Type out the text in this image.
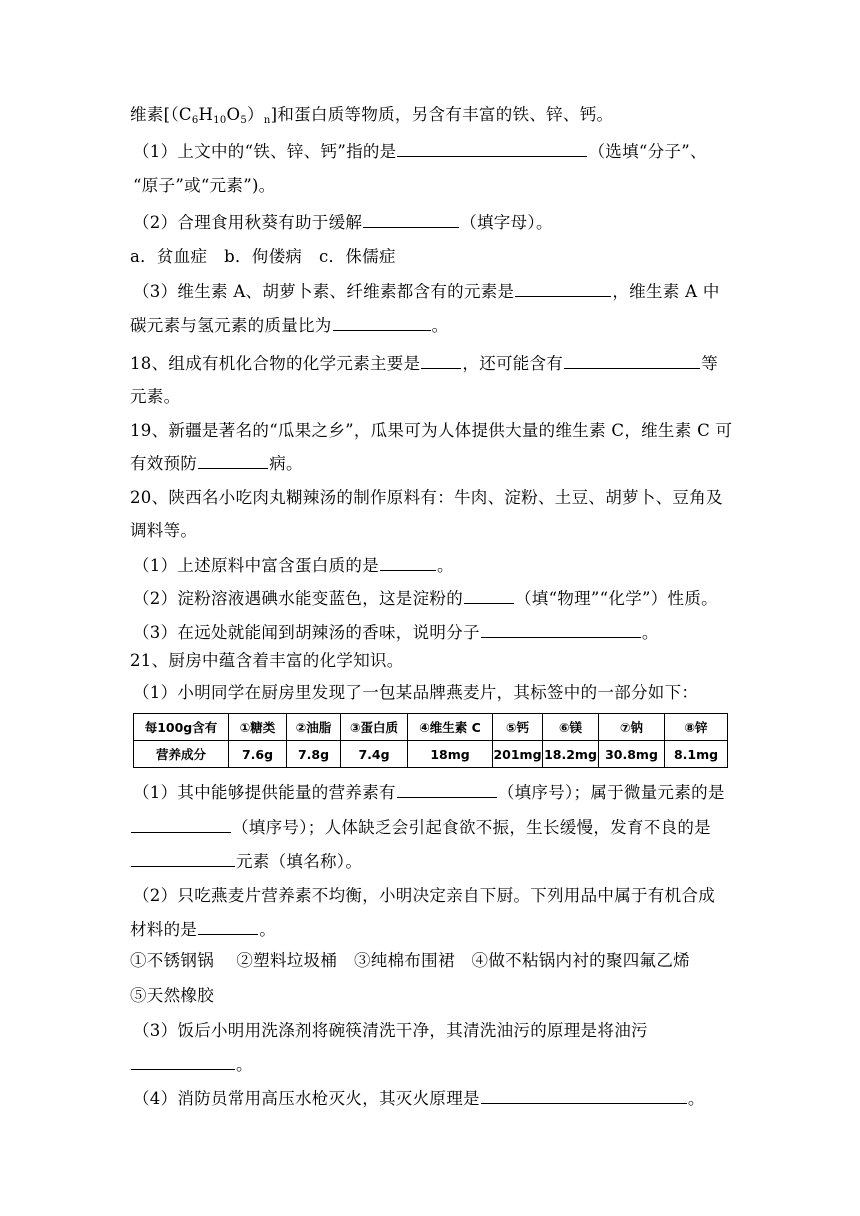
维素$[(C_6H_{10}O_5)_n]$和蛋白质等物质，另含有丰富的铁、锌、钙。
（1）上文中的“铁、锌、钙”指的是	（选填“分子”、
“原子”或“元素”)。
（2）合理食用秋葵有助于缓解	（填字母）。
a．贫血症　b．佝偻病　c．侏儒症
（3）维生素 A、胡萝卜素、纤维素都含有的元素是	，维生素 A 中
碳元素与氢元素的质量比为	。
18、组成有机化合物的化学元素主要是	，还可能含有	等
元素。
19、新疆是著名的“瓜果之乡”，瓜果可为人体提供大量的维生素 C，维生素 C 可
有效预防	病。
20、陕西名小吃肉丸糊辣汤的制作原料有：牛肉、淀粉、土豆、胡萝卜、豆角及
调料等。
（1）上述原料中富含蛋白质的是	。
（2）淀粉溶液遇碘水能变蓝色，这是淀粉的	（填“物理”“化学”）性质。
（3）在远处就能闻到胡辣汤的香味，说明分子	。
21、厨房中蕴含着丰富的化学知识。
（1）小明同学在厨房里发现了一包某品牌燕麦片，其标签中的一部分如下：
每100g含有	①糖类	②油脂	③蛋白质	④维生素 C	⑤钙	⑥镁	⑦钠	⑧锌
营养成分	7.6g	7.8g	7.4g	18mg	201mg	18.2mg	30.8mg	8.1mg
（1）其中能够提供能量的营养素有	（填序号）；属于微量元素的是
（填序号）；人体缺乏会引起食欲不振，生长缓慢，发育不良的是
元素（填名称）。
（2）只吃燕麦片营养素不均衡，小明决定亲自下厨。下列用品中属于有机合成
材料的是	。
①不锈钢锅　 ②塑料垃圾桶　③纯棉布围裙　④做不粘锅内衬的聚四氟乙烯
⑤天然橡胶
（3）饭后小明用洗涤剂将碗筷清洗干净，其清洗油污的原理是将油污
。
（4）消防员常用高压水枪灭火，其灭火原理是	。
